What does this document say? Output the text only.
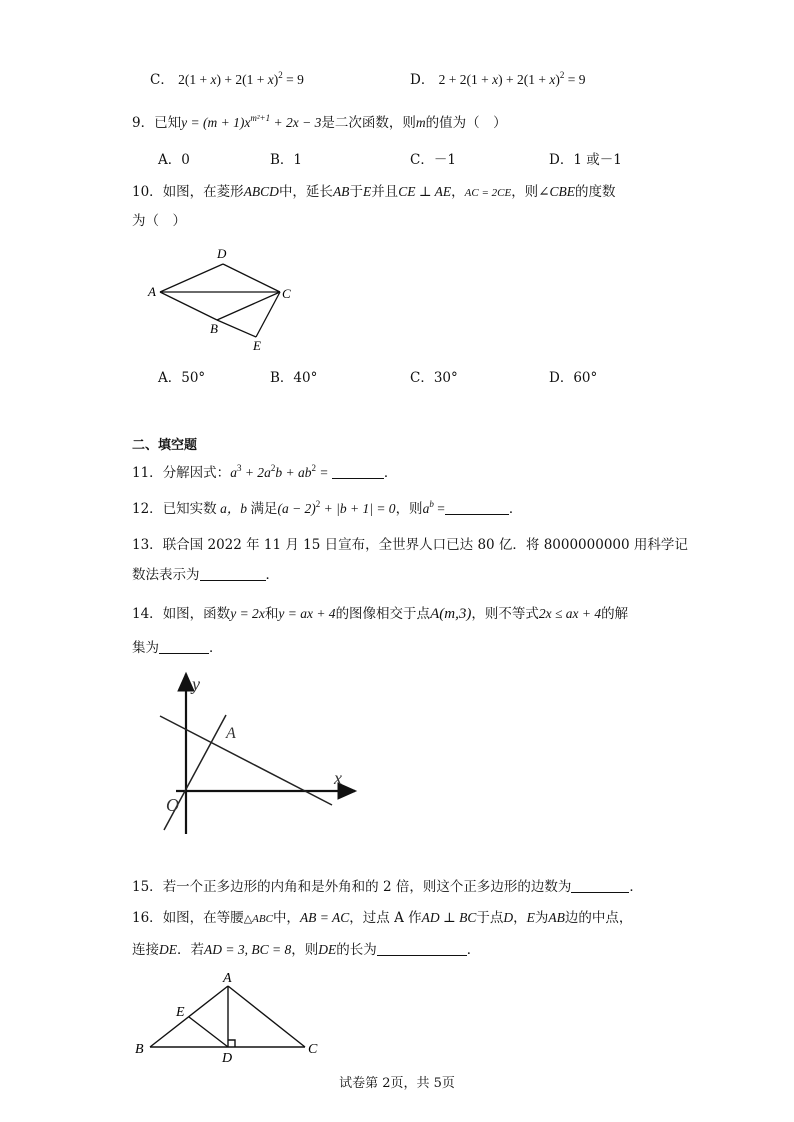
C． $2(1 + x) + 2(1 + x)^2 = 9$	D． $2 + 2(1 + x) + 2(1 + x)^2 = 9$
9．已知$y = (m + 1)x^{m^2+1} + 2x - 3$是二次函数，则m的值为（　）
A．0	B．1	C．－1	D．1 或－1
10．如图，在菱形ABCD中，延长AB于E并且CE ⊥ AE，AC = 2CE，则∠CBE的度数
为（　）
D
A	C
B
E
A．50°	B．40°	C．30°	D．60°
二、填空题
11．分解因式：$a^3 + 2a^2b + ab^2$ =	．
12．已知实数 a，b 满足$(a - 2)^2 + |b + 1| = 0$，则$a^b$ =	．
13．联合国 2022 年 11 月 15 日宣布，全世界人口已达 80 亿．将 8000000000 用科学记
数法表示为	．
14．如图，函数y = 2x和y = ax + 4的图像相交于点A(m,3)，则不等式2x ≤ ax + 4的解
集为	．
y
x
A
O
15．若一个正多边形的内角和是外角和的 2 倍，则这个正多边形的边数为	．
16．如图，在等腰△ABC中，AB = AC，过点 A 作AD ⊥ BC于点D，E为AB边的中点，
连接DE．若AD = 3, BC = 8，则DE的长为	．
A
E
B
D
C
试卷第 2页，共 5页
